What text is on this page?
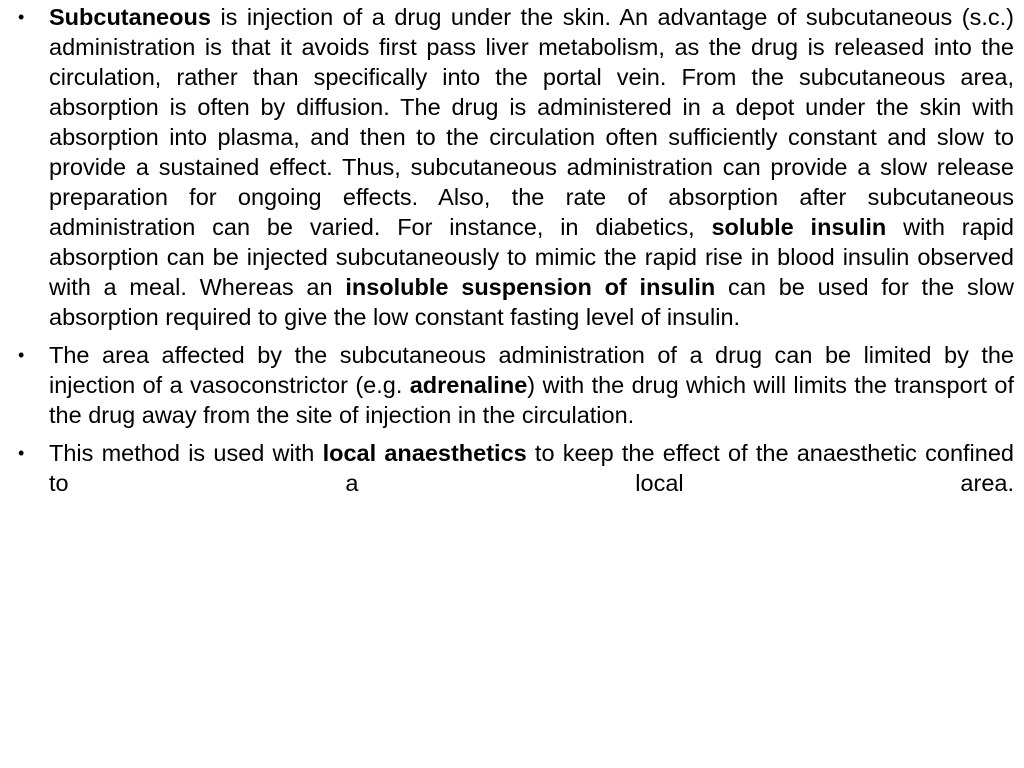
• Subcutaneous is injection of a drug under the skin. An advantage of subcutaneous (s.c.) administration is that it avoids first pass liver metabolism, as the drug is released into the circulation, rather than specifically into the portal vein. From the subcutaneous area, absorption is often by diffusion. The drug is administered in a depot under the skin with absorption into plasma, and then to the circulation often sufficiently constant and slow to provide a sustained effect. Thus, subcutaneous administration can provide a slow release preparation for ongoing effects. Also, the rate of absorption after subcutaneous administration can be varied. For instance, in diabetics, soluble insulin with rapid absorption can be injected subcutaneously to mimic the rapid rise in blood insulin observed with a meal. Whereas an insoluble suspension of insulin can be used for the slow absorption required to give the low constant fasting level of insulin.
• The area affected by the subcutaneous administration of a drug can be limited by the injection of a vasoconstrictor (e.g. adrenaline) with the drug which will limits the transport of the drug away from the site of injection in the circulation.
• This method is used with local anaesthetics to keep the effect of the anaesthetic confined to a local area.
